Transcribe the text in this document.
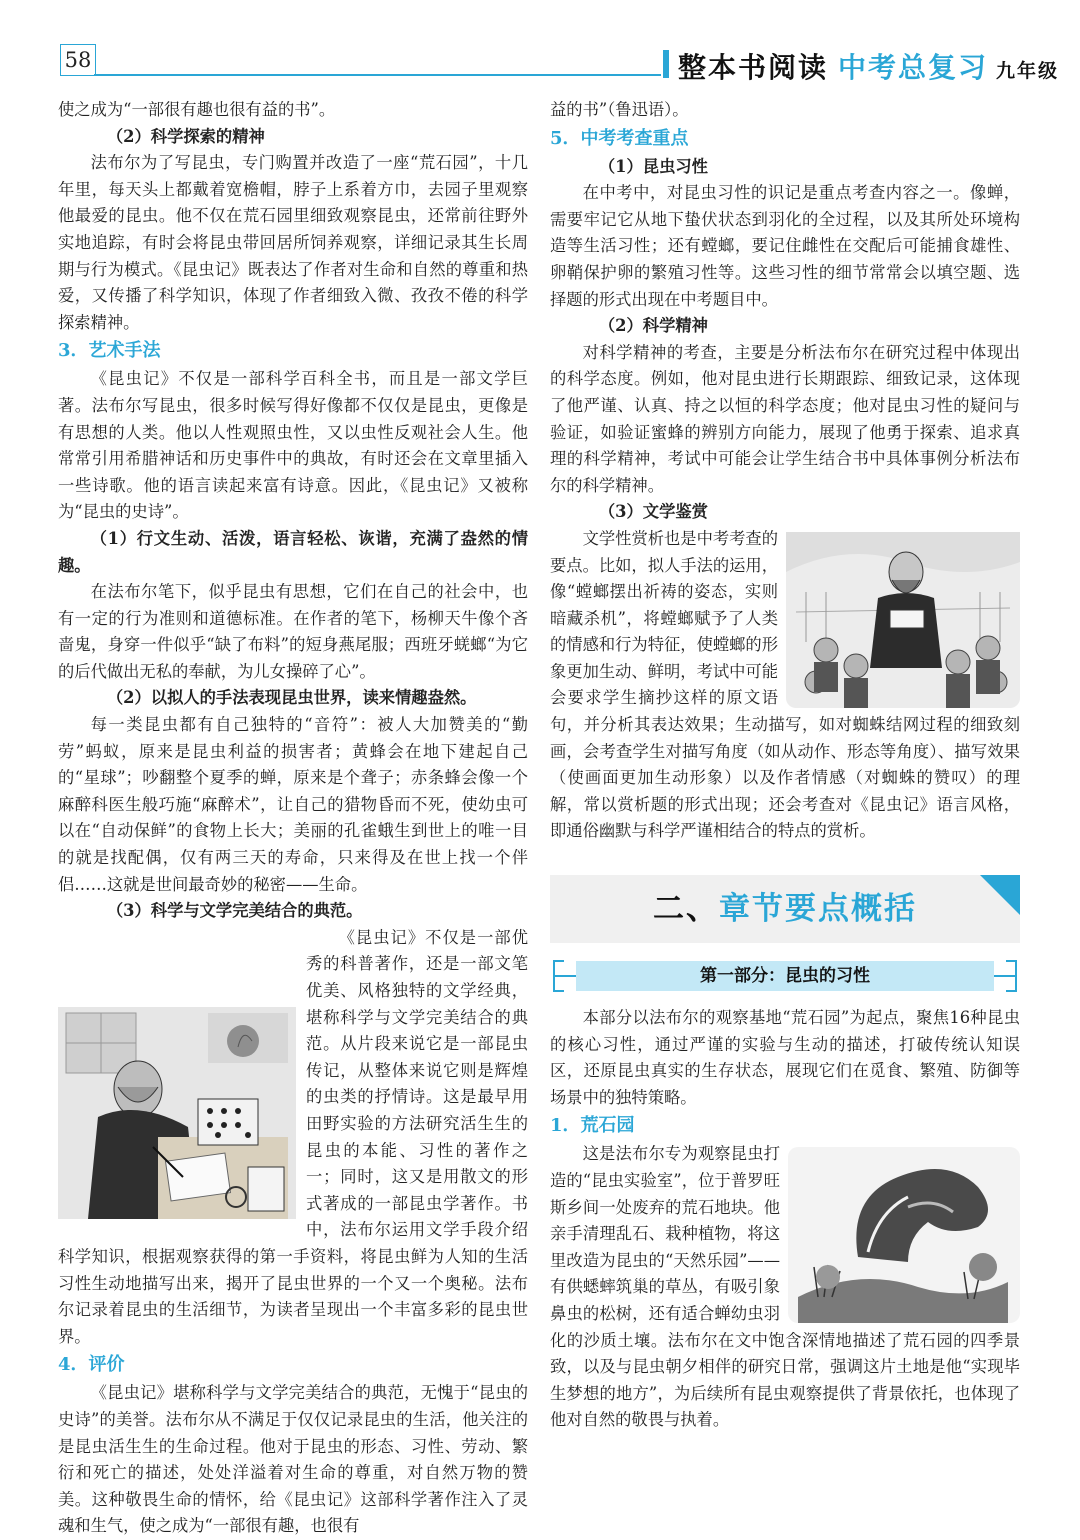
58	整本书阅读 中考总复习 九年级

使之成为“一部很有趣也很有益的书”。

（2）科学探索的精神

法布尔为了写昆虫，专门购置并改造了一座“荒石园”，十几年里，每天头上都戴着宽檐帽，脖子上系着方巾，去园子里观察他最爱的昆虫。他不仅在荒石园里细致观察昆虫，还常前往野外实地追踪，有时会将昆虫带回居所饲养观察，详细记录其生长周期与行为模式。《昆虫记》既表达了作者对生命和自然的尊重和热爱，又传播了科学知识，体现了作者细致入微、孜孜不倦的科学探索精神。

3．艺术手法

《昆虫记》不仅是一部科学百科全书，而且是一部文学巨著。法布尔写昆虫，很多时候写得好像都不仅仅是昆虫，更像是有思想的人类。他以人性观照虫性，又以虫性反观社会人生。他常常引用希腊神话和历史事件中的典故，有时还会在文章里插入一些诗歌。他的语言读起来富有诗意。因此，《昆虫记》又被称为“昆虫的史诗”。

（1）行文生动、活泼，语言轻松、诙谐，充满了盎然的情趣。

在法布尔笔下，似乎昆虫有思想，它们在自己的社会中，也有一定的行为准则和道德标准。在作者的笔下，杨柳天牛像个吝啬鬼，身穿一件似乎“缺了布料”的短身燕尾服；西班牙蜣螂“为它的后代做出无私的奉献，为儿女操碎了心”。

（2）以拟人的手法表现昆虫世界，读来情趣盎然。

每一类昆虫都有自己独特的“音符”：被人大加赞美的“勤劳”蚂蚁，原来是昆虫利益的损害者；黄蜂会在地下建起自己的“星球”；吵翻整个夏季的蝉，原来是个聋子；赤条蜂会像一个麻醉科医生般巧施“麻醉术”，让自己的猎物昏而不死，使幼虫可以在“自动保鲜”的食物上长大；美丽的孔雀蛾生到世上的唯一目的就是找配偶，仅有两三天的寿命，只来得及在世上找一个伴侣……这就是世间最奇妙的秘密——生命。

（3）科学与文学完美结合的典范。

《昆虫记》不仅是一部优秀的科普著作，还是一部文笔优美、风格独特的文学经典，堪称科学与文学完美结合的典范。从片段来说它是一部昆虫传记，从整体来说它则是辉煌的虫类的抒情诗。这是最早用田野实验的方法研究活生生的昆虫的本能、习性的著作之一；同时，这又是用散文的形式著成的一部昆虫学著作。书中，法布尔运用文学手段介绍科学知识，根据观察获得的第一手资料，将昆虫鲜为人知的生活习性生动地描写出来，揭开了昆虫世界的一个又一个奥秘。法布尔记录着昆虫的生活细节，为读者呈现出一个丰富多彩的昆虫世界。

4．评价

《昆虫记》堪称科学与文学完美结合的典范，无愧于“昆虫的史诗”的美誉。法布尔从不满足于仅仅记录昆虫的生活，他关注的是昆虫活生生的生命过程。他对于昆虫的形态、习性、劳动、繁衍和死亡的描述，处处洋溢着对生命的尊重，对自然万物的赞美。这种敬畏生命的情怀，给《昆虫记》这部科学著作注入了灵魂和生气，使之成为“一部很有趣，也很有

益的书”（鲁迅语）。

5．中考考查重点

（1）昆虫习性

在中考中，对昆虫习性的识记是重点考查内容之一。像蝉，需要牢记它从地下蛰伏状态到羽化的全过程，以及其所处环境构造等生活习性；还有螳螂，要记住雌性在交配后可能捕食雄性、卵鞘保护卵的繁殖习性等。这些习性的细节常常会以填空题、选择题的形式出现在中考题目中。

（2）科学精神

对科学精神的考查，主要是分析法布尔在研究过程中体现出的科学态度。例如，他对昆虫进行长期跟踪、细致记录，这体现了他严谨、认真、持之以恒的科学态度；他对昆虫习性的疑问与验证，如验证蜜蜂的辨别方向能力，展现了他勇于探索、追求真理的科学精神，考试中可能会让学生结合书中具体事例分析法布尔的科学精神。

（3）文学鉴赏

文学性赏析也是中考考查的要点。比如，拟人手法的运用，像“螳螂摆出祈祷的姿态，实则暗藏杀机”，将螳螂赋予了人类的情感和行为特征，使螳螂的形象更加生动、鲜明，考试中可能会要求学生摘抄这样的原文语句，并分析其表达效果；生动描写，如对蜘蛛结网过程的细致刻画，会考查学生对描写角度（如从动作、形态等角度）、描写效果（使画面更加生动形象）以及作者情感（对蜘蛛的赞叹）的理解，常以赏析题的形式出现；还会考查对《昆虫记》语言风格，即通俗幽默与科学严谨相结合的特点的赏析。

二、章节要点概括
第一部分：昆虫的习性

本部分以法布尔的观察基地“荒石园”为起点，聚焦16种昆虫的核心习性，通过严谨的实验与生动的描述，打破传统认知误区，还原昆虫真实的生存状态，展现它们在觅食、繁殖、防御等场景中的独特策略。

1．荒石园

这是法布尔专为观察昆虫打造的“昆虫实验室”，位于普罗旺斯乡间一处废弃的荒石地块。他亲手清理乱石、栽种植物，将这里改造为昆虫的“天然乐园”——有供蟋蟀筑巢的草丛，有吸引象鼻虫的松树，还有适合蝉幼虫羽化的沙质土壤。法布尔在文中饱含深情地描述了荒石园的四季景致，以及与昆虫朝夕相伴的研究日常，强调这片土地是他“实现毕生梦想的地方”，为后续所有昆虫观察提供了背景依托，也体现了他对自然的敬畏与执着。
